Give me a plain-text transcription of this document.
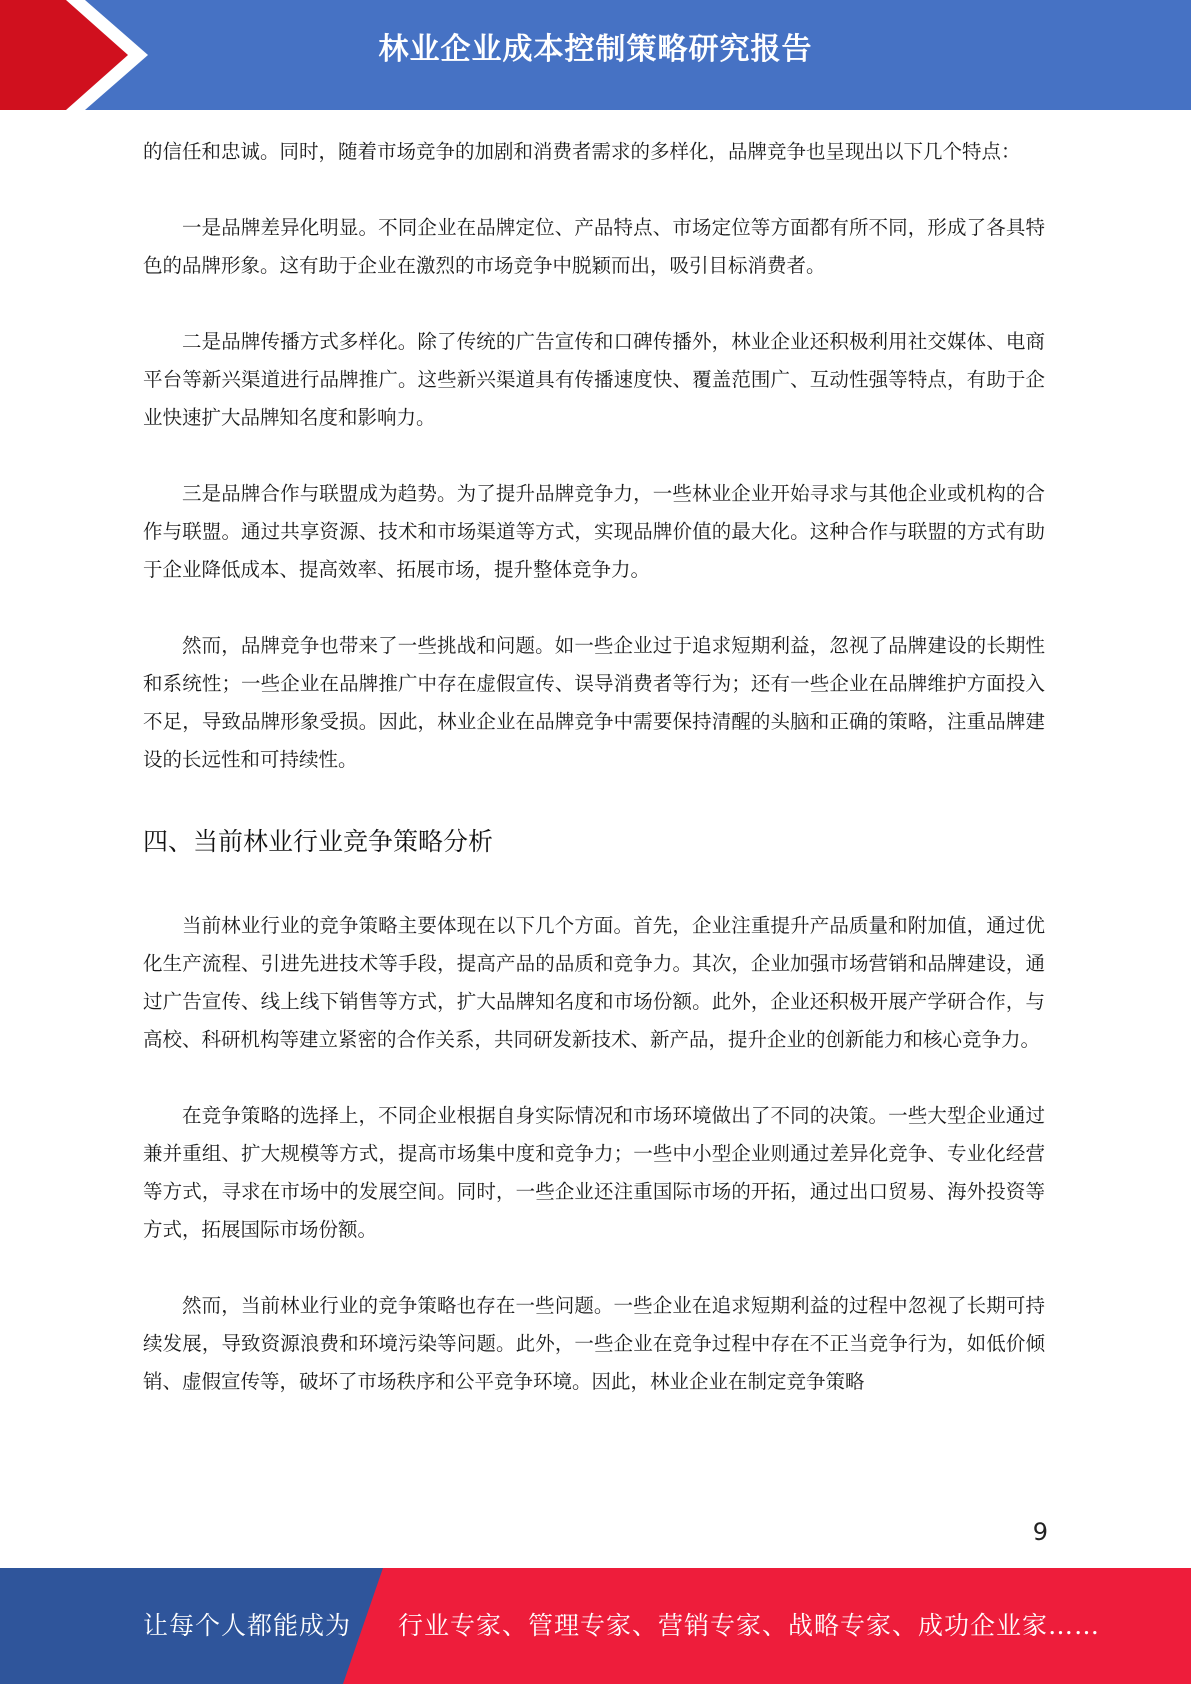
林业企业成本控制策略研究报告

的信任和忠诚。同时，随着市场竞争的加剧和消费者需求的多样化，品牌竞争也呈现出以下几个特点：

一是品牌差异化明显。不同企业在品牌定位、产品特点、市场定位等方面都有所不同，形成了各具特色的品牌形象。这有助于企业在激烈的市场竞争中脱颖而出，吸引目标消费者。

二是品牌传播方式多样化。除了传统的广告宣传和口碑传播外，林业企业还积极利用社交媒体、电商平台等新兴渠道进行品牌推广。这些新兴渠道具有传播速度快、覆盖范围广、互动性强等特点，有助于企业快速扩大品牌知名度和影响力。

三是品牌合作与联盟成为趋势。为了提升品牌竞争力，一些林业企业开始寻求与其他企业或机构的合作与联盟。通过共享资源、技术和市场渠道等方式，实现品牌价值的最大化。这种合作与联盟的方式有助于企业降低成本、提高效率、拓展市场，提升整体竞争力。

然而，品牌竞争也带来了一些挑战和问题。如一些企业过于追求短期利益，忽视了品牌建设的长期性和系统性；一些企业在品牌推广中存在虚假宣传、误导消费者等行为；还有一些企业在品牌维护方面投入不足，导致品牌形象受损。因此，林业企业在品牌竞争中需要保持清醒的头脑和正确的策略，注重品牌建设的长远性和可持续性。

四、当前林业行业竞争策略分析

当前林业行业的竞争策略主要体现在以下几个方面。首先，企业注重提升产品质量和附加值，通过优化生产流程、引进先进技术等手段，提高产品的品质和竞争力。其次，企业加强市场营销和品牌建设，通过广告宣传、线上线下销售等方式，扩大品牌知名度和市场份额。此外，企业还积极开展产学研合作，与高校、科研机构等建立紧密的合作关系，共同研发新技术、新产品，提升企业的创新能力和核心竞争力。

在竞争策略的选择上，不同企业根据自身实际情况和市场环境做出了不同的决策。一些大型企业通过兼并重组、扩大规模等方式，提高市场集中度和竞争力；一些中小型企业则通过差异化竞争、专业化经营等方式，寻求在市场中的发展空间。同时，一些企业还注重国际市场的开拓，通过出口贸易、海外投资等方式，拓展国际市场份额。

然而，当前林业行业的竞争策略也存在一些问题。一些企业在追求短期利益的过程中忽视了长期可持续发展，导致资源浪费和环境污染等问题。此外，一些企业在竞争过程中存在不正当竞争行为，如低价倾销、虚假宣传等，破坏了市场秩序和公平竞争环境。因此，林业企业在制定竞争策略

9
让每个人都能成为 行业专家、管理专家、营销专家、战略专家、成功企业家……
